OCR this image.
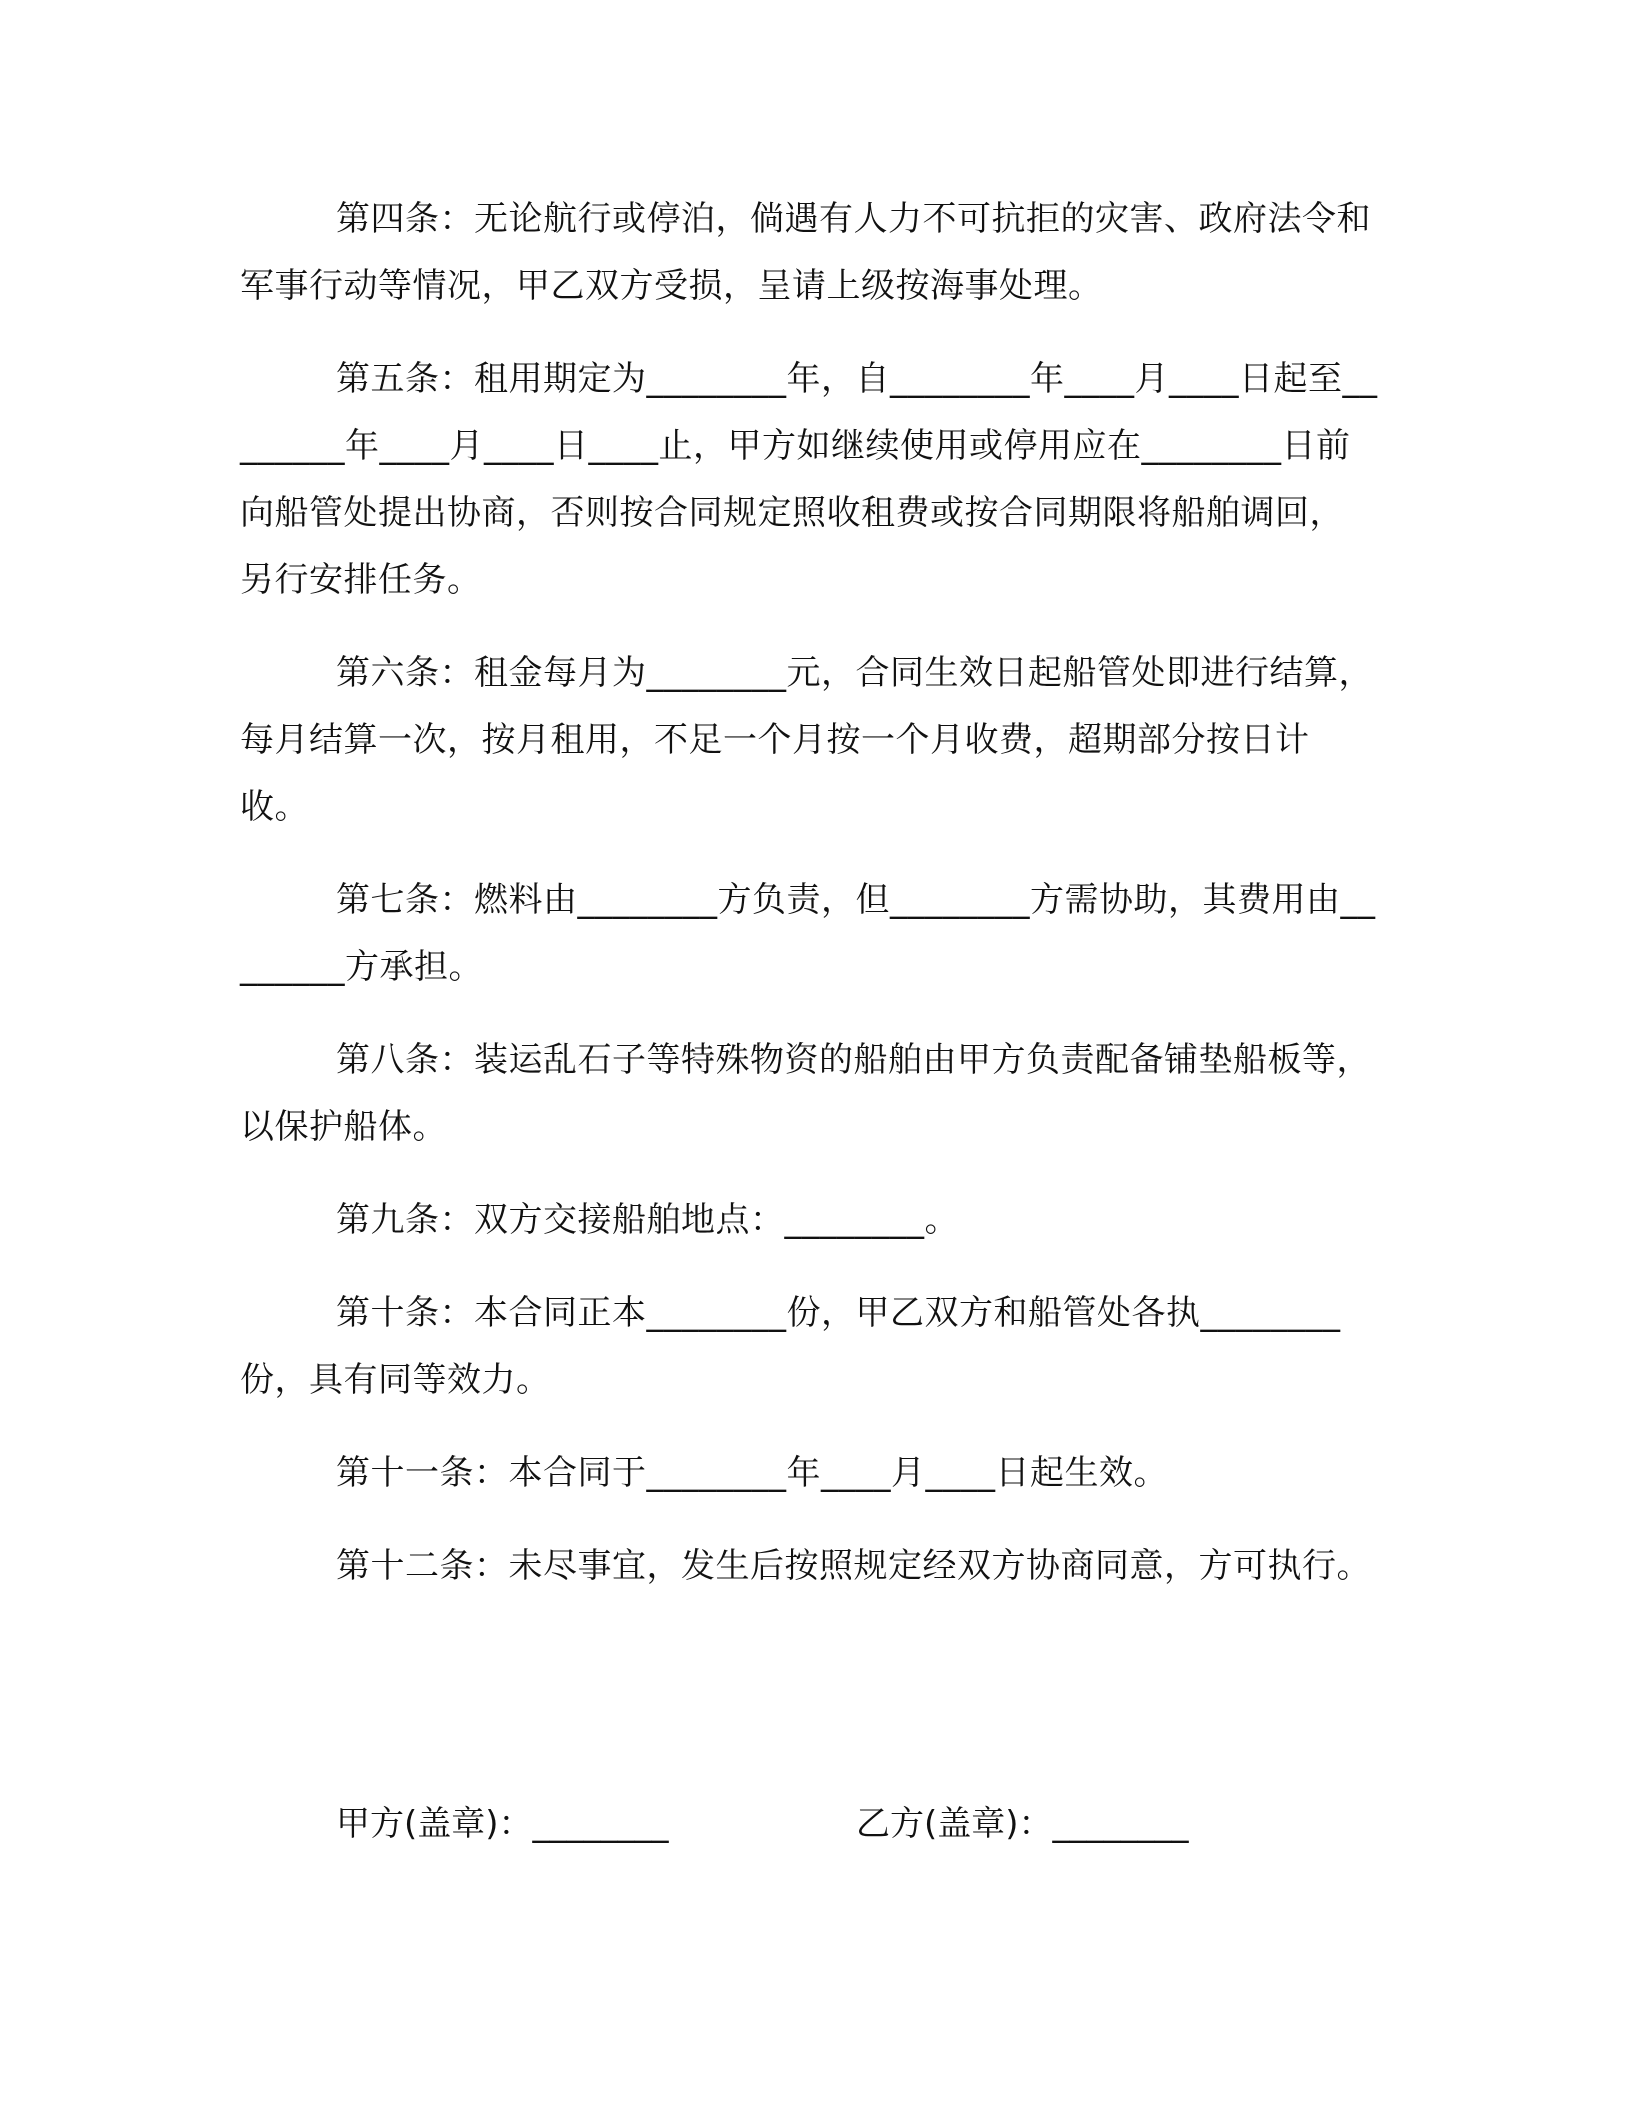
第四条：无论航行或停泊，倘遇有人力不可抗拒的灾害、政府法令和军事行动等情况，甲乙双方受损，呈请上级按海事处理。

第五条：租用期定为________年，自________年____月____日起至________年____月____日____止，甲方如继续使用或停用应在________日前向船管处提出协商，否则按合同规定照收租费或按合同期限将船舶调回，另行安排任务。

第六条：租金每月为________元，合同生效日起船管处即进行结算，每月结算一次，按月租用，不足一个月按一个月收费，超期部分按日计收。

第七条：燃料由________方负责，但________方需协助，其费用由________方承担。

第八条：装运乱石子等特殊物资的船舶由甲方负责配备铺垫船板等，以保护船体。

第九条：双方交接船舶地点：________。

第十条：本合同正本________份，甲乙双方和船管处各执________份，具有同等效力。

第十一条：本合同于________年____月____日起生效。

第十二条：未尽事宜，发生后按照规定经双方协商同意，方可执行。

甲方(盖章)：________	乙方(盖章)：________
